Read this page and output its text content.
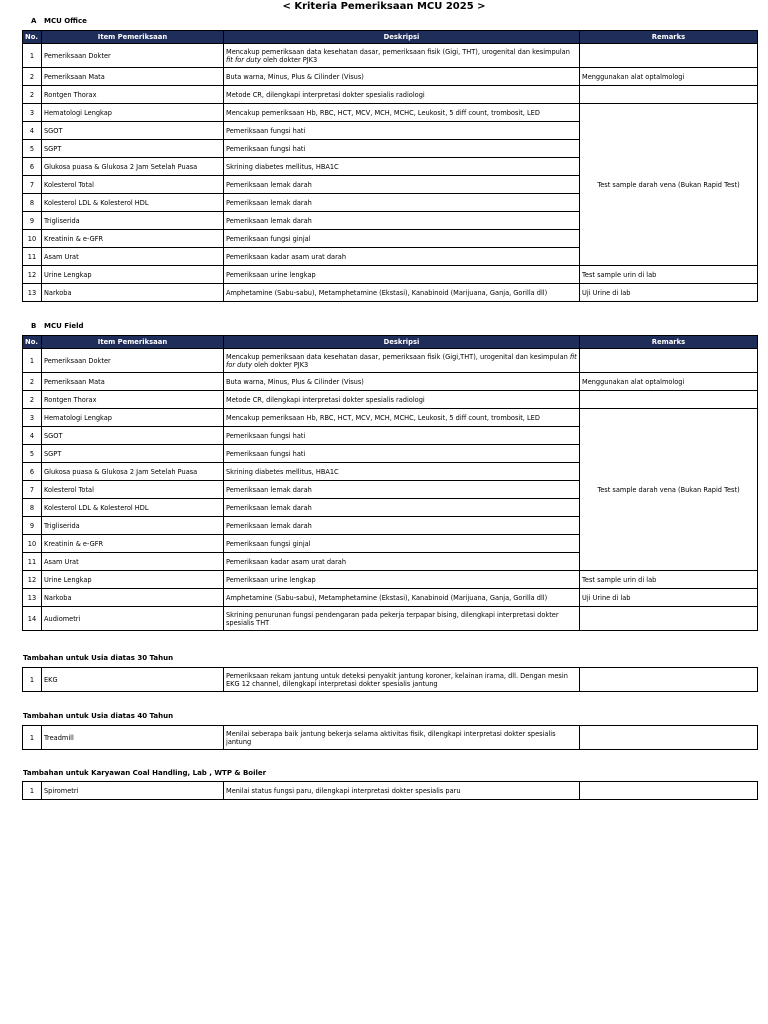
< Kriteria Pemeriksaan MCU 2025 >
A MCU Office
No.	Item Pemeriksaan	Deskripsi	Remarks
1	Pemeriksaan Dokter	Mencakup pemeriksaan data kesehatan dasar, pemeriksaan fisik (Gigi, THT), urogenital dan kesimpulan fit for duty oleh dokter PJK3	
2	Pemeriksaan Mata	Buta warna, Minus, Plus & Cilinder (Visus)	Menggunakan alat optalmologi
2	Rontgen Thorax	Metode CR, dilengkapi interpretasi dokter spesialis radiologi	
3	Hematologi Lengkap	Mencakup pemeriksaan Hb, RBC, HCT, MCV, MCH, MCHC, Leukosit, 5 diff count, trombosit, LED	Test sample darah vena (Bukan Rapid Test)
4	SGOT	Pemeriksaan fungsi hati	
5	SGPT	Pemeriksaan fungsi hati	
6	Glukosa puasa & Glukosa 2 Jam Setelah Puasa	Skrining diabetes mellitus, HBA1C	
7	Kolesterol Total	Pemeriksaan lemak darah	
8	Kolesterol LDL & Kolesterol HDL	Pemeriksaan lemak darah	
9	Trigliserida	Pemeriksaan lemak darah	
10	Kreatinin & e-GFR	Pemeriksaan fungsi ginjal	
11	Asam Urat	Pemeriksaan kadar asam urat darah	
12	Urine Lengkap	Pemeriksaan urine lengkap	Test sample urin di lab
13	Narkoba	Amphetamine (Sabu-sabu), Metamphetamine (Ekstasi), Kanabinoid (Marijuana, Ganja, Gorilla dll)	Uji Urine di lab
B MCU Field
No.	Item Pemeriksaan	Deskripsi	Remarks
1	Pemeriksaan Dokter	Mencakup pemeriksaan data kesehatan dasar, pemeriksaan fisik (Gigi,THT), urogenital dan kesimpulan fit for duty oleh dokter PJK3	
2	Pemeriksaan Mata	Buta warna, Minus, Plus & Cilinder (Visus)	Menggunakan alat optalmologi
2	Rontgen Thorax	Metode CR, dilengkapi interpretasi dokter spesialis radiologi	
3	Hematologi Lengkap	Mencakup pemeriksaan Hb, RBC, HCT, MCV, MCH, MCHC, Leukosit, 5 diff count, trombosit, LED	Test sample darah vena (Bukan Rapid Test)
4	SGOT	Pemeriksaan fungsi hati	
5	SGPT	Pemeriksaan fungsi hati	
6	Glukosa puasa & Glukosa 2 Jam Setelah Puasa	Skrining diabetes mellitus, HBA1C	
7	Kolesterol Total	Pemeriksaan lemak darah	
8	Kolesterol LDL & Kolesterol HDL	Pemeriksaan lemak darah	
9	Trigliserida	Pemeriksaan lemak darah	
10	Kreatinin & e-GFR	Pemeriksaan fungsi ginjal	
11	Asam Urat	Pemeriksaan kadar asam urat darah	
12	Urine Lengkap	Pemeriksaan urine lengkap	Test sample urin di lab
13	Narkoba	Amphetamine (Sabu-sabu), Metamphetamine (Ekstasi), Kanabinoid (Marijuana, Ganja, Gorilla dll)	Uji Urine di lab
14	Audiometri	Skrining penurunan fungsi pendengaran pada pekerja terpapar bising, dilengkapi interpretasi dokter spesialis THT	
Tambahan untuk Usia diatas 30 Tahun
1	EKG	Pemeriksaan rekam jantung untuk deteksi penyakit jantung koroner, kelainan irama, dll. Dengan mesin EKG 12 channel, dilengkapi interpretasi dokter spesialis jantung	
Tambahan untuk Usia diatas 40 Tahun
1	Treadmill	Menilai seberapa baik jantung bekerja selama aktivitas fisik, dilengkapi interpretasi dokter spesialis jantung	
Tambahan untuk Karyawan Coal Handling, Lab , WTP & Boiler
1	Spirometri	Menilai status fungsi paru, dilengkapi interpretasi dokter spesialis paru	
